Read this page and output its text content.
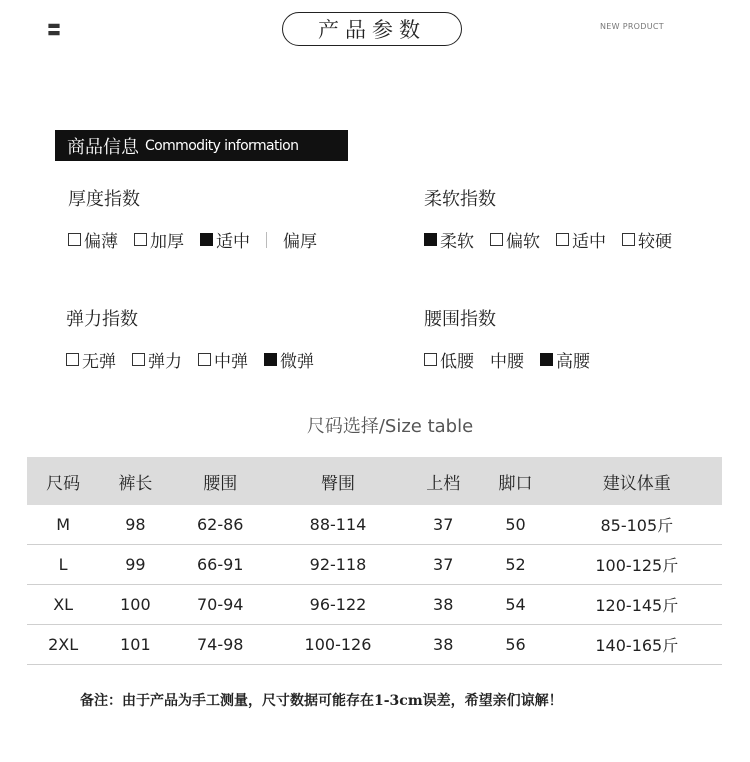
〓	产品参数	NEW PRODUCT
商品信息 Commodity information
厚度指数
偏薄 加厚 适中 偏厚
柔软指数
柔软 偏软 适中 较硬
弹力指数
无弹 弹力 中弹 微弹
腰围指数
低腰 中腰 高腰
尺码选择/Size table
尺码	裤长	腰围	臀围	上档	脚口	建议体重
M	98	62-86	88-114	37	50	85-105斤
L	99	66-91	92-118	37	52	100-125斤
XL	100	70-94	96-122	38	54	120-145斤
2XL	101	74-98	100-126	38	56	140-165斤
备注：由于产品为手工测量，尺寸数据可能存在1-3cm误差，希望亲们谅解！
